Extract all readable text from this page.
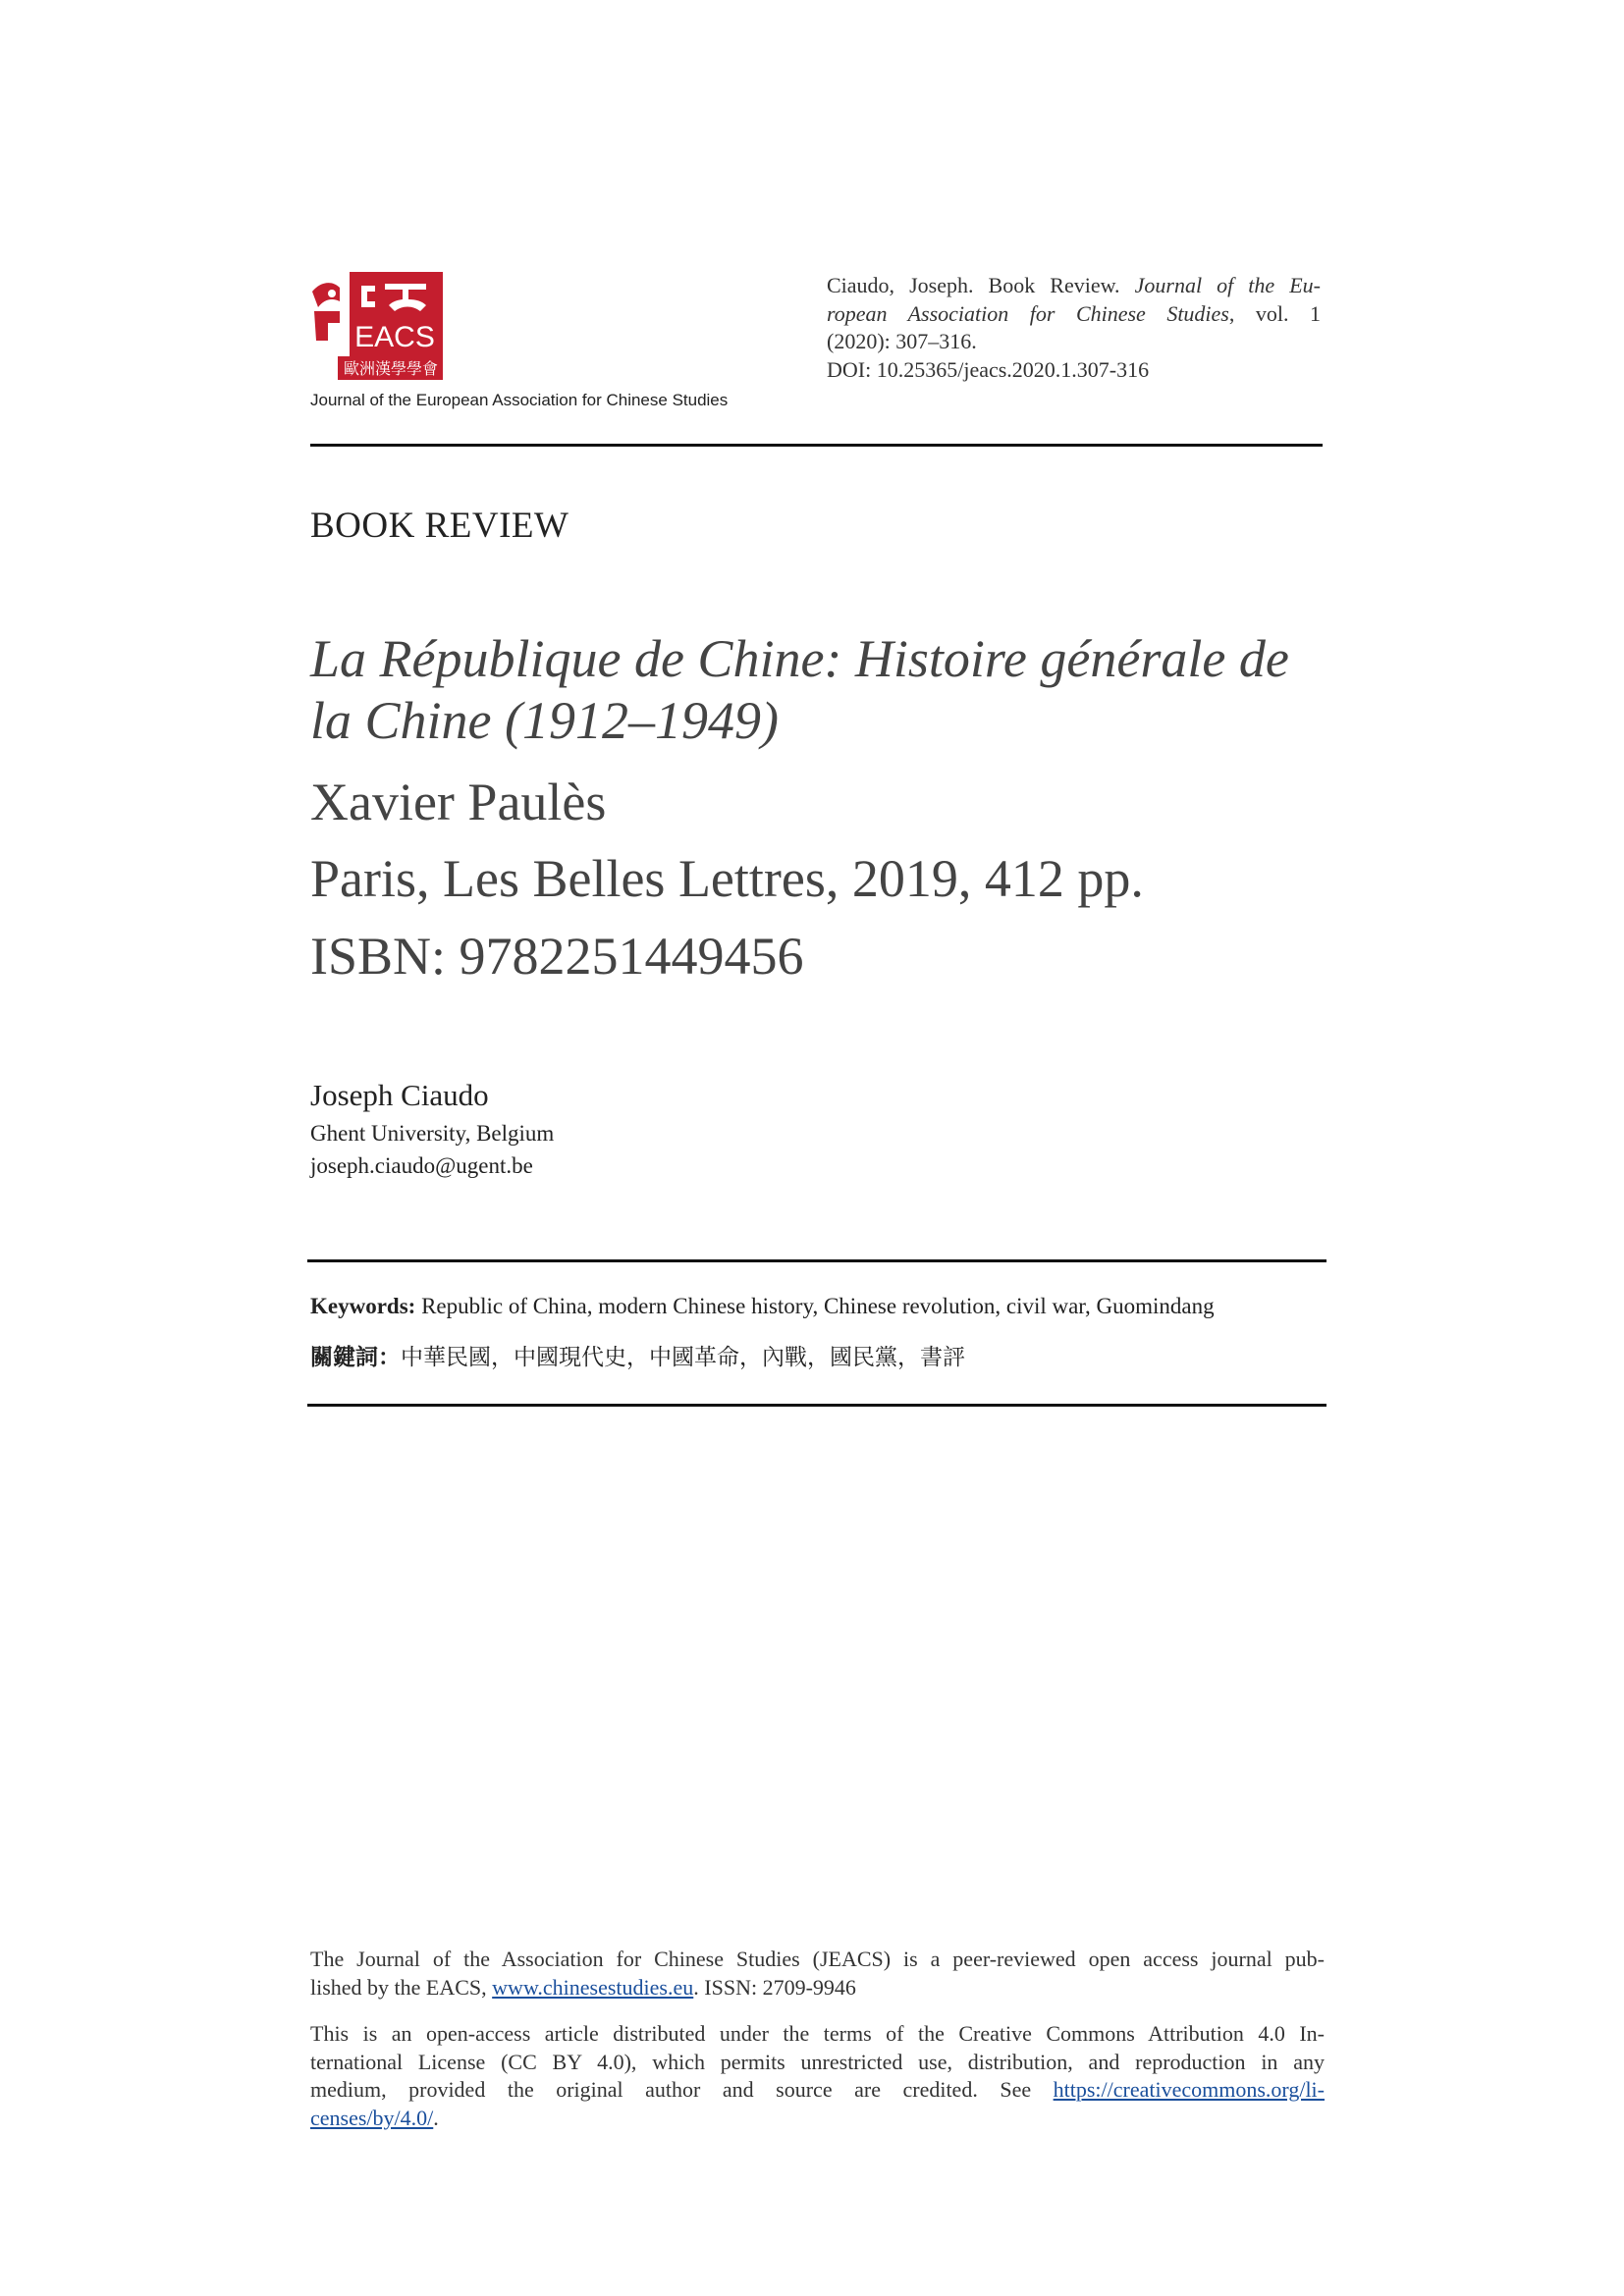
EACS
歐洲漢學學會
Journal of the European Association for Chinese Studies
Ciaudo, Joseph. Book Review. Journal of the Eu-
ropean Association for Chinese Studies, vol. 1
(2020): 307–316.
DOI: 10.25365/jeacs.2020.1.307-316
BOOK REVIEW
La République de Chine: Histoire générale de
la Chine (1912–1949)
Xavier Paulès
Paris, Les Belles Lettres, 2019, 412 pp.
ISBN: 9782251449456
Joseph Ciaudo
Ghent University, Belgium
joseph.ciaudo@ugent.be
Keywords: Republic of China, modern Chinese history, Chinese revolution, civil war, Guomindang
關鍵詞：中華民國，中國現代史，中國革命，內戰，國民黨，書評
The Journal of the Association for Chinese Studies (JEACS) is a peer-reviewed open access journal pub-
lished by the EACS, www.chinesestudies.eu. ISSN: 2709-9946
This is an open-access article distributed under the terms of the Creative Commons Attribution 4.0 In-
ternational License (CC BY 4.0), which permits unrestricted use, distribution, and reproduction in any
medium, provided the original author and source are credited. See https://creativecommons.org/li-
censes/by/4.0/.
